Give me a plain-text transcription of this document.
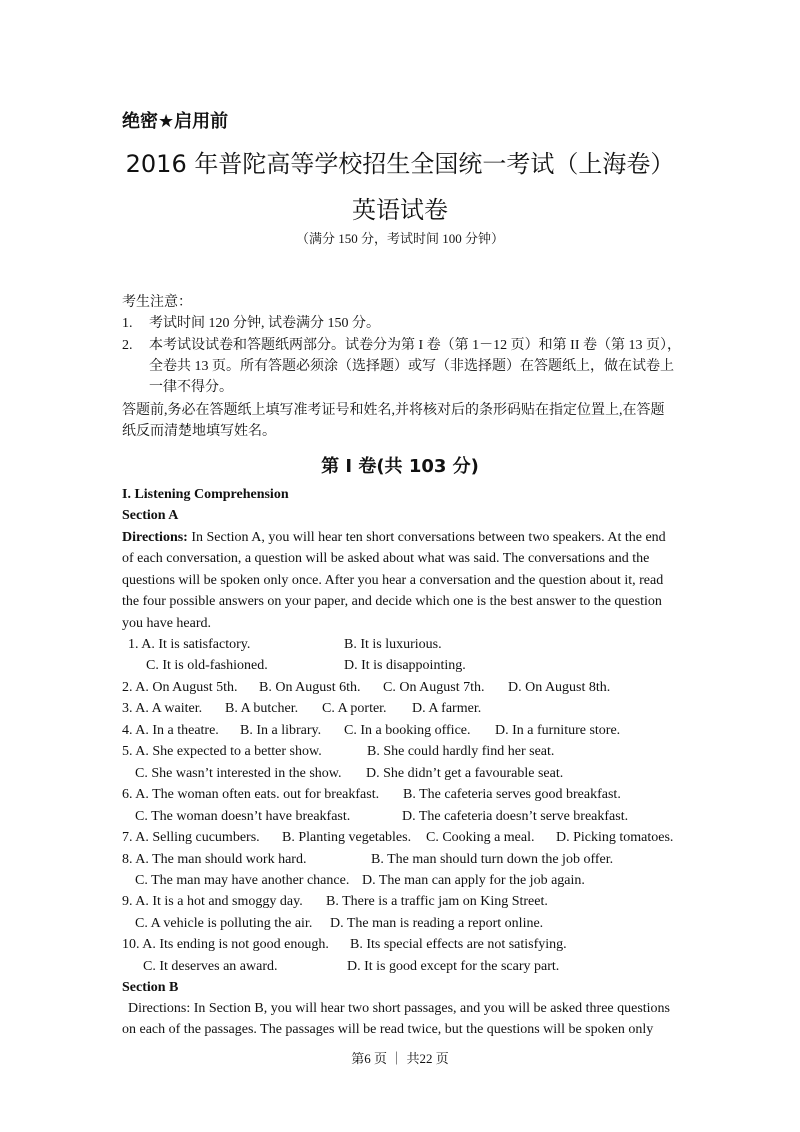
绝密★启用前
2016 年普陀高等学校招生全国统一考试（上海卷）
英语试卷
（满分 150 分，考试时间 100 分钟）
考生注意：
1. 考试时间 120 分钟, 试卷满分 150 分。
2. 本考试设试卷和答题纸两部分。试卷分为第 I 卷（第 1－12 页）和第 II 卷（第 13 页），
全卷共 13 页。所有答题必须涂（选择题）或写（非选择题）在答题纸上，做在试卷上
一律不得分。
答题前,务必在答题纸上填写准考证号和姓名,并将核对后的条形码贴在指定位置上,在答题
纸反而清楚地填写姓名。
第 I 卷(共 103 分)
I. Listening Comprehension
Section A
Directions: In Section A, you will hear ten short conversations between two speakers. At the end
of each conversation, a question will be asked about what was said. The conversations and the
questions will be spoken only once. After you hear a conversation and the question about it, read
the four possible answers on your paper, and decide which one is the best answer to the question
you have heard.
1. A. It is satisfactory.	B. It is luxurious.
C. It is old-fashioned.	D. It is disappointing.
2. A. On August 5th. B. On August 6th. C. On August 7th. D. On August 8th.
3. A. A waiter. B. A butcher. C. A porter. D. A farmer.
4. A. In a theatre. B. In a library. C. In a booking office. D. In a furniture store.
5. A. She expected to a better show.	B. She could hardly find her seat.
C. She wasn’t interested in the show. D. She didn’t get a favourable seat.
6. A. The woman often eats. out for breakfast. B. The cafeteria serves good breakfast.
C. The woman doesn’t have breakfast.	D. The cafeteria doesn’t serve breakfast.
7. A. Selling cucumbers. B. Planting vegetables. C. Cooking a meal. D. Picking tomatoes.
8. A. The man should work hard.	B. The man should turn down the job offer.
C. The man may have another chance. D. The man can apply for the job again.
9. A. It is a hot and smoggy day. B. There is a traffic jam on King Street.
C. A vehicle is polluting the air. D. The man is reading a report online.
10. A. Its ending is not good enough. B. Its special effects are not satisfying.
C. It deserves an award.	D. It is good except for the scary part.
Section B
Directions: In Section B, you will hear two short passages, and you will be asked three questions
on each of the passages. The passages will be read twice, but the questions will be spoken only
第6 页 ｜ 共22 页
